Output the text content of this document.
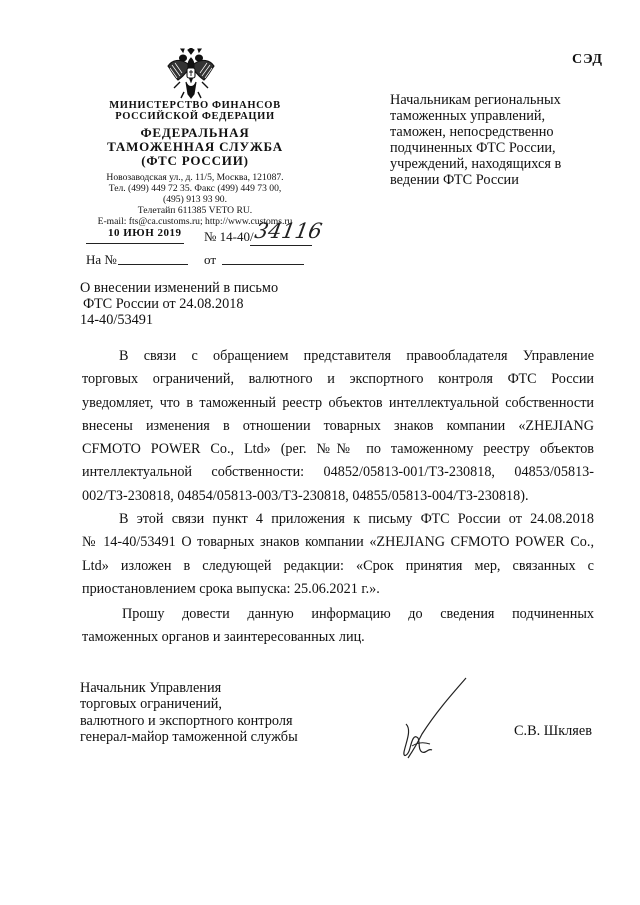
СЭД
МИНИСТЕРСТВО ФИНАНСОВ
РОССИЙСКОЙ ФЕДЕРАЦИИ
ФЕДЕРАЛЬНАЯ
ТАМОЖЕННАЯ СЛУЖБА
(ФТС РОССИИ)
Новозаводская ул., д. 11/5, Москва, 121087.
Тел. (499) 449 72 35. Факс (499) 449 73 00,
(495) 913 93 90.
Телетайп 611385 VETO RU.
E-mail: fts@ca.customs.ru; http://www.customs.ru
10 ИЮН 2019 № 14-40/ 34116
На №	от
Начальникам региональных
таможенных управлений,
таможен, непосредственно
подчиненных ФТС России,
учреждений, находящихся в
ведении ФТС России
О внесении изменений в письмо
ФТС России от 24.08.2018
14-40/53491
В связи с обращением представителя правообладателя Управление
торговых ограничений, валютного и экспортного контроля ФТС России
уведомляет, что в таможенный реестр объектов интеллектуальной собственности
внесены изменения в отношении товарных знаков компании «ZHEJIANG
CFMOTO POWER Co., Ltd» (рег. №№ по таможенному реестру объектов
интеллектуальной собственности: 04852/05813-001/ТЗ-230818, 04853/05813-
002/ТЗ-230818, 04854/05813-003/ТЗ-230818, 04855/05813-004/ТЗ-230818).
В этой связи пункт 4 приложения к письму ФТС России от 24.08.2018
№ 14-40/53491 О товарных знаков компании «ZHEJIANG CFMOTO POWER Co.,
Ltd» изложен в следующей редакции: «Срок принятия мер, связанных с
приостановлением срока выпуска: 25.06.2021 г.».
Прошу довести данную информацию до сведения подчиненных
таможенных органов и заинтересованных лиц.
Начальник Управления
торговых ограничений,
валютного и экспортного контроля
генерал-майор таможенной службы	С.В. Шкляев
